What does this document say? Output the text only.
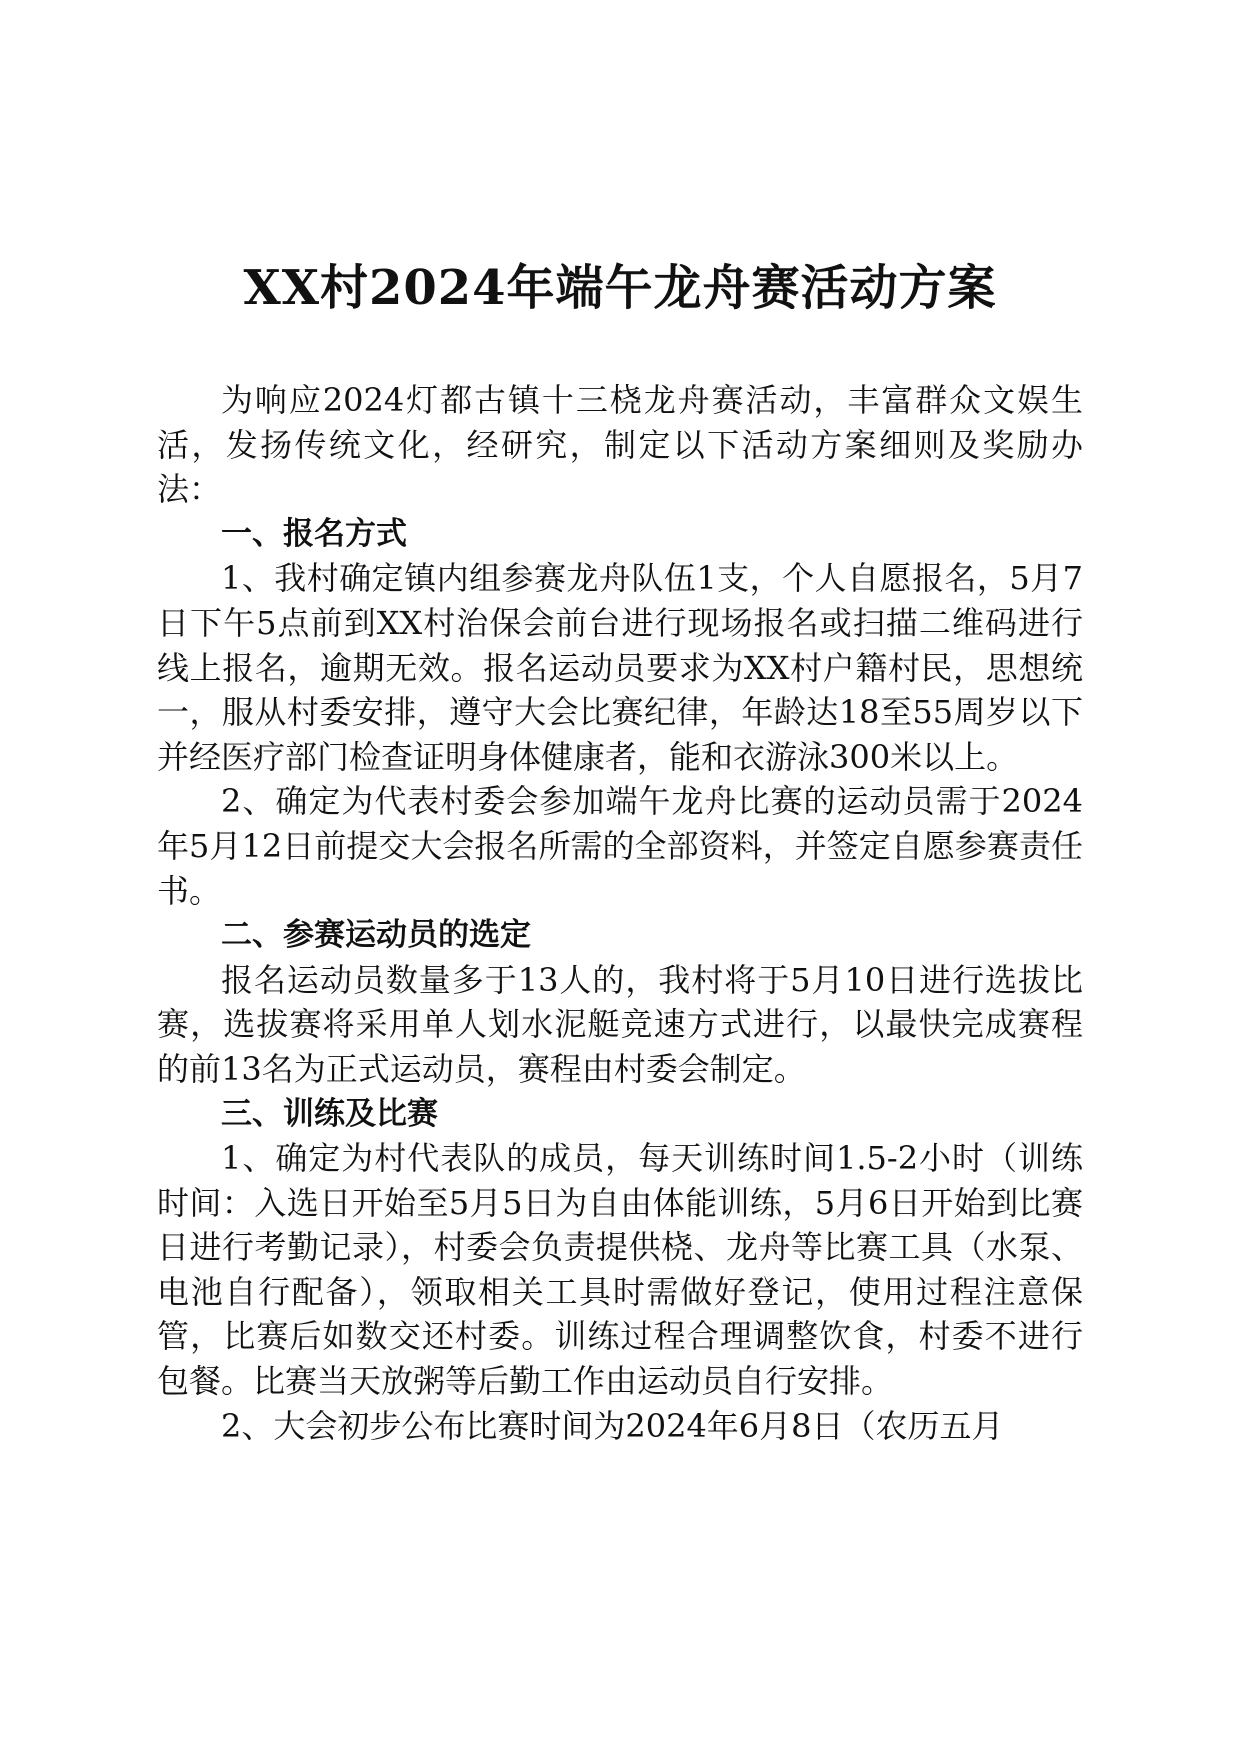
XX村2024年端午龙舟赛活动方案

为响应2024灯都古镇十三桡龙舟赛活动，丰富群众文娱生活，发扬传统文化，经研究，制定以下活动方案细则及奖励办法：

一、报名方式

1、我村确定镇内组参赛龙舟队伍1支，个人自愿报名，5月7日下午5点前到XX村治保会前台进行现场报名或扫描二维码进行线上报名，逾期无效。报名运动员要求为XX村户籍村民，思想统一，服从村委安排，遵守大会比赛纪律，年龄达18至55周岁以下并经医疗部门检查证明身体健康者，能和衣游泳300米以上。

2、确定为代表村委会参加端午龙舟比赛的运动员需于2024年5月12日前提交大会报名所需的全部资料，并签定自愿参赛责任书。

二、参赛运动员的选定

报名运动员数量多于13人的，我村将于5月10日进行选拔比赛，选拔赛将采用单人划水泥艇竞速方式进行，以最快完成赛程的前13名为正式运动员，赛程由村委会制定。

三、训练及比赛

1、确定为村代表队的成员，每天训练时间1.5-2小时（训练时间：入选日开始至5月5日为自由体能训练，5月6日开始到比赛日进行考勤记录），村委会负责提供桡、龙舟等比赛工具（水泵、电池自行配备），领取相关工具时需做好登记，使用过程注意保管，比赛后如数交还村委。训练过程合理调整饮食，村委不进行包餐。比赛当天放粥等后勤工作由运动员自行安排。

2、大会初步公布比赛时间为2024年6月8日（农历五月
